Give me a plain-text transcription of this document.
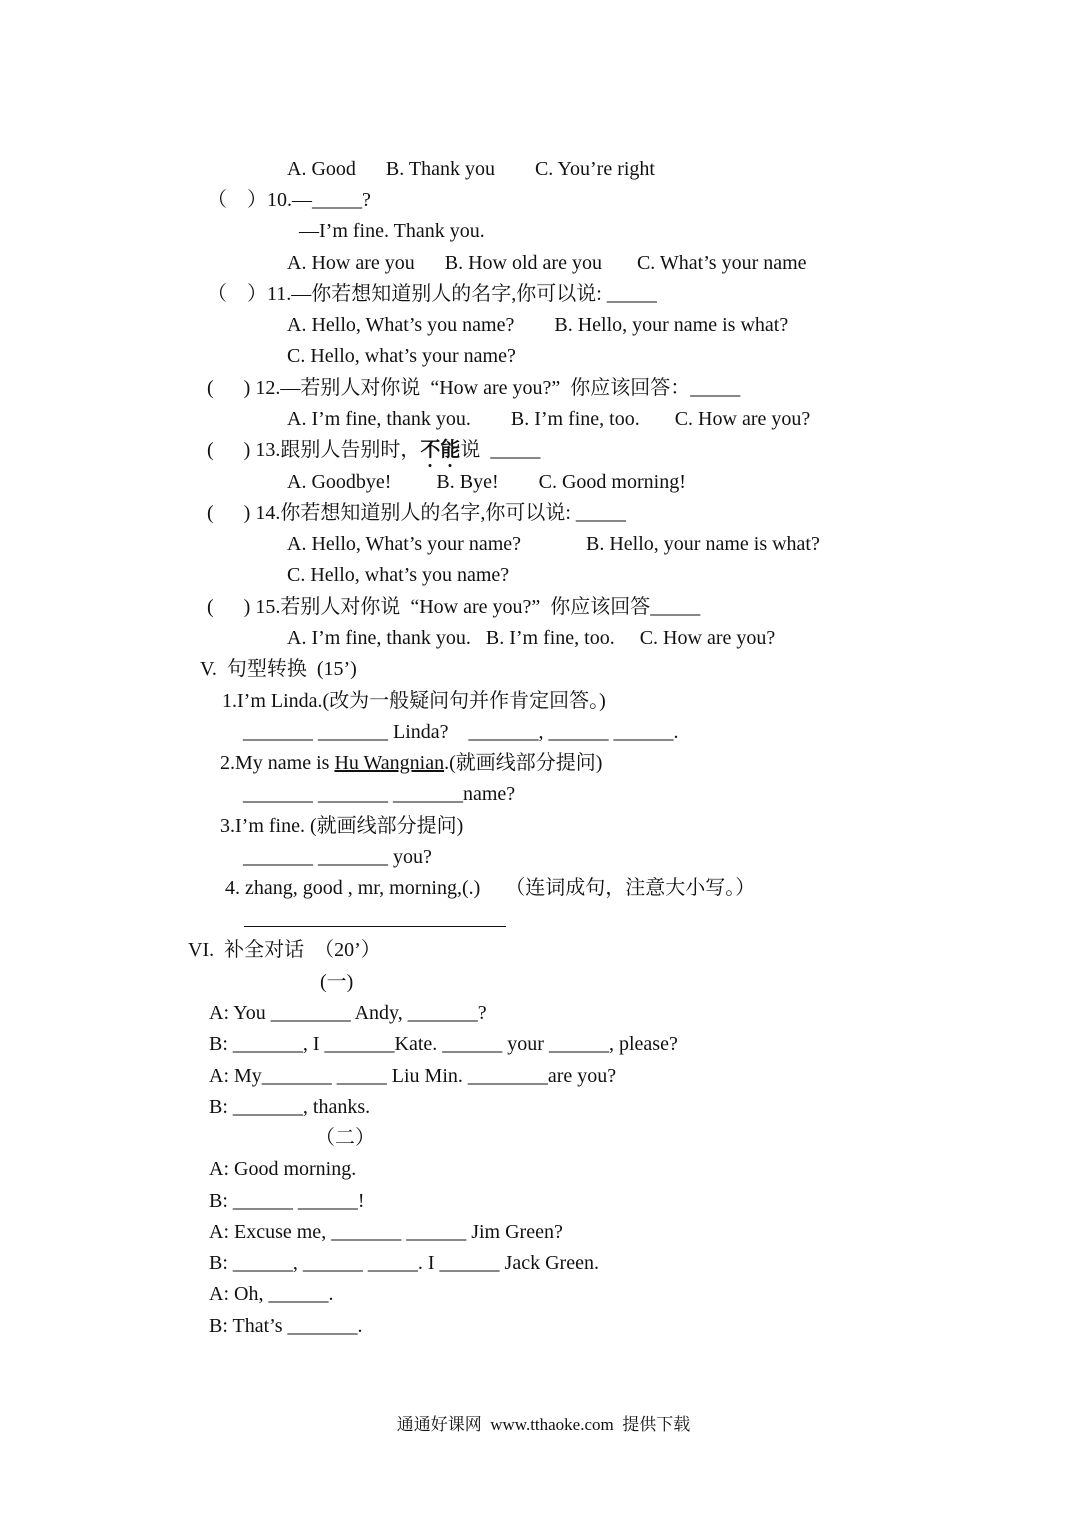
A. Good      B. Thank you        C. You’re right
（    ）10.—_____?
—I’m fine. Thank you.
A. How are you      B. How old are you       C. What’s your name
（    ）11.—你若想知道别人的名字,你可以说: _____
A. Hello, What’s you name?        B. Hello, your name is what?
C. Hello, what’s your name?
(      ) 12.—若别人对你说  “How are you?”  你应该回答：_____
A. I’m fine, thank you.        B. I’m fine, too.       C. How are you?
(      ) 13.跟别人告别时，不
能
说  _____
A. Goodbye!         B. Bye!        C. Good morning!
(      ) 14.你若想知道别人的名字,你可以说: _____
A. Hello, What’s your name?             B. Hello, your name is what?
C. Hello, what’s you name?
(      ) 15.若别人对你说  “How are you?”  你应该回答_____
A. I’m fine, thank you.   B. I’m fine, too.     C. How are you?
V.  句型转换  (15’)
1.I’m Linda.(改为一般疑问句并作肯定回答。)
_______ _______ Linda?    _______, ______ ______.
2.My name is Hu Wangnian.(就画线部分提问)
_______ _______ _______name?
3.I’m fine. (就画线部分提问)
_______ _______ you?
4. zhang, good , mr, morning,(.)     （连词成句，注意大小写。）
VI.  补全对话  （20’）
(一)
A: You ________ Andy, _______?
B: _______, I _______Kate. ______ your ______, please?
A: My_______ _____ Liu Min. ________are you?
B: _______, thanks.
（二）
A: Good morning.
B: ______ ______!
A: Excuse me, _______ ______ Jim Green?
B: ______, ______ _____. I ______ Jack Green.
A: Oh, ______.
B: That’s _______.
通通好课网  www.tthaoke.com  提供下载
